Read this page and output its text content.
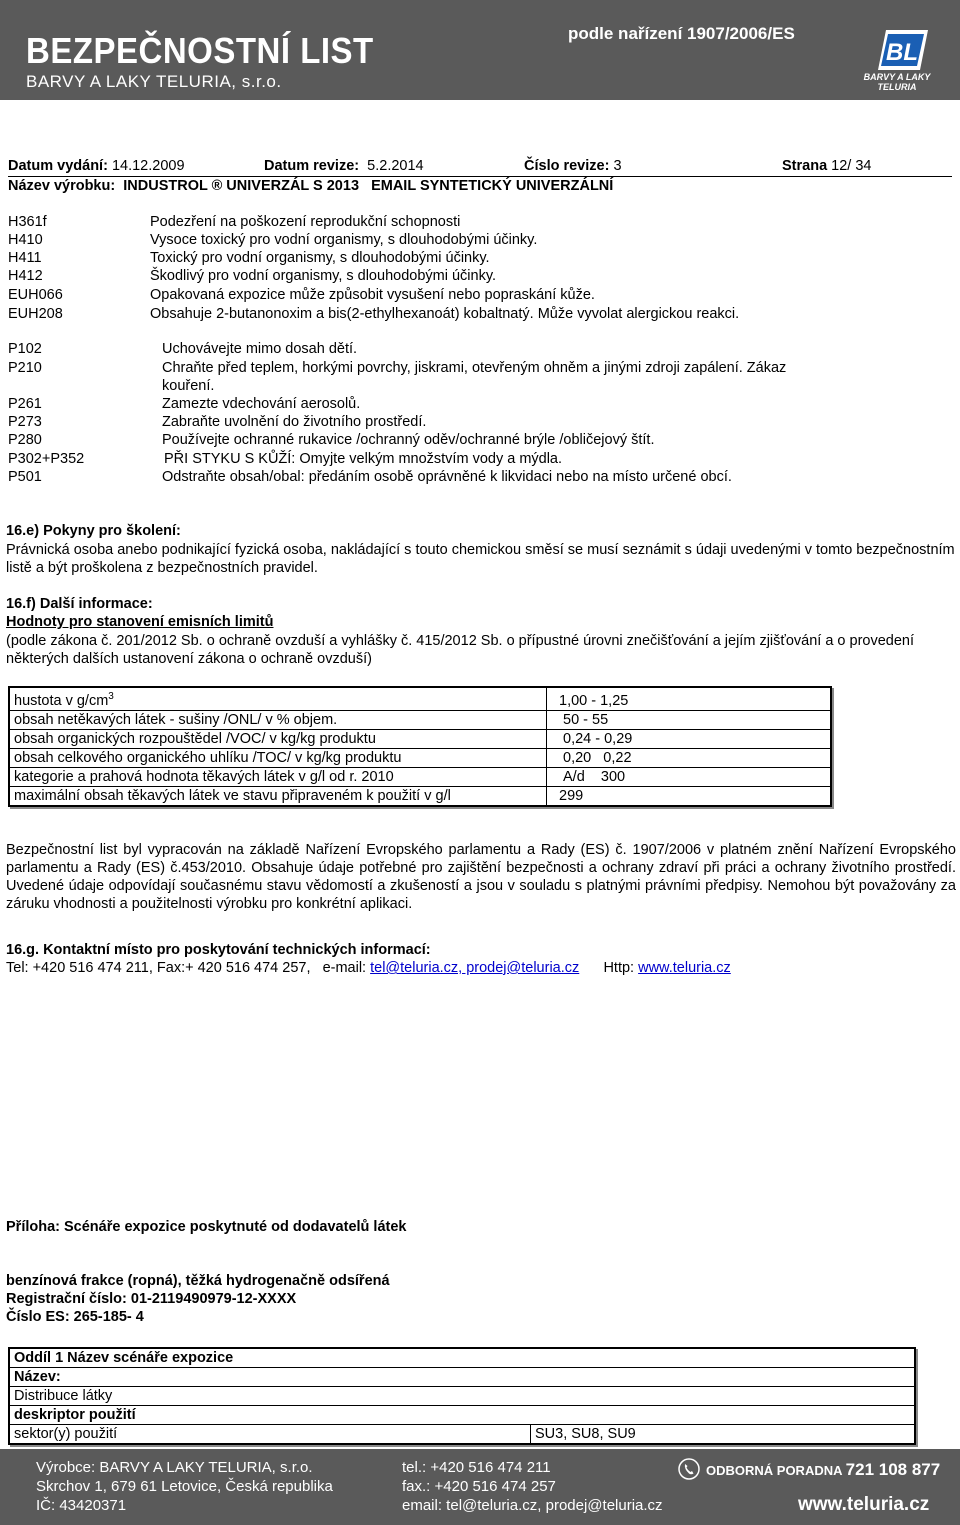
BEZPEČNOSTNÍ LIST
BARVY A LAKY TELURIA, s.r.o.
podle nařízení 1907/2006/ES
BL
BARVY A LAKY
TELURIA
Datum vydání: 14.12.2009	Datum revize: 5.2.2014	Číslo revize: 3	Strana 12/ 34
Název výrobku: INDUSTROL ® UNIVERZÁL S 2013   EMAIL SYNTETICKÝ UNIVERZÁLNÍ
H361f	Podezření na poškození reprodukční schopnosti
H410	Vysoce toxický pro vodní organismy, s dlouhodobými účinky.
H411	Toxický pro vodní organismy, s dlouhodobými účinky.
H412	Škodlivý pro vodní organismy, s dlouhodobými účinky.
EUH066	Opakovaná expozice může způsobit vysušení nebo popraskání kůže.
EUH208	Obsahuje 2-butanonoxim a bis(2-ethylhexanoát) kobaltnatý. Může vyvolat alergickou reakci.
P102	Uchovávejte mimo dosah dětí.
P210	Chraňte před teplem, horkými povrchy, jiskrami, otevřeným ohněm a jinými zdroji zapálení. Zákaz
kouření.
P261	Zamezte vdechování aerosolů.
P273	Zabraňte uvolnění do životního prostředí.
P280	Používejte ochranné rukavice /ochranný oděv/ochranné brýle /obličejový štít.
P302+P352	PŘI STYKU S KŮŽÍ: Omyjte velkým množstvím vody a mýdla.
P501	Odstraňte obsah/obal: předáním osobě oprávněné k likvidaci nebo na místo určené obcí.
16.e) Pokyny pro školení:
Právnická osoba anebo podnikající fyzická osoba, nakládající s touto chemickou směsí se musí seznámit s údaji uvedenými v tomto bezpečnostním listě a být proškolena z bezpečnostních pravidel.
16.f) Další informace:
Hodnoty pro stanovení emisních limitů
(podle zákona č. 201/2012 Sb. o ochraně ovzduší a vyhlášky č. 415/2012 Sb. o přípustné úrovni znečišťování a jejím zjišťování a o provedení některých dalších ustanovení zákona o ochraně ovzduší)
hustota v $g/cm^3$	1,00 - 1,25
obsah netěkavých látek - sušiny /ONL/ v % objem.	50 - 55
obsah organických rozpouštědel /VOC/ v kg/kg produktu	0,24 - 0,29
obsah celkového organického uhlíku /TOC/ v kg/kg produktu	0,20   0,22
kategorie a prahová hodnota těkavých látek v g/l od r. 2010	A/d    300
maximální obsah těkavých látek ve stavu připraveném k použití v g/l	299
Bezpečnostní list byl vypracován na základě Nařízení Evropského parlamentu a Rady (ES) č. 1907/2006 v platném znění Nařízení Evropského parlamentu a Rady (ES) č.453/2010. Obsahuje údaje potřebné pro zajištění bezpečnosti a ochrany zdraví při práci a ochrany životního prostředí. Uvedené údaje odpovídají současnému stavu vědomostí a zkušeností a jsou v souladu s platnými právními předpisy. Nemohou být považovány za záruku vhodnosti a použitelnosti výrobku pro konkrétní aplikaci.
16.g. Kontaktní místo pro poskytování technických informací:
Tel: +420 516 474 211, Fax:+ 420 516 474 257,   e-mail: tel@teluria.cz, prodej@teluria.cz Http: www.teluria.cz
Příloha: Scénáře expozice poskytnuté od dodavatelů látek
benzínová frakce (ropná), těžká hydrogenačně odsířená
Registrační číslo: 01-2119490979-12-XXXX
Číslo ES: 265-185- 4
Oddíl 1 Název scénáře expozice
Název:
Distribuce látky
deskriptor použití
sektor(y) použití	SU3, SU8, SU9
Výrobce: BARVY A LAKY TELURIA, s.r.o.
Skrchov 1, 679 61 Letovice, Česká republika
IČ: 43420371
tel.: +420 516 474 211
fax.: +420 516 474 257
email: tel@teluria.cz, prodej@teluria.cz
ODBORNÁ PORADNA 721 108 877
www.teluria.cz
